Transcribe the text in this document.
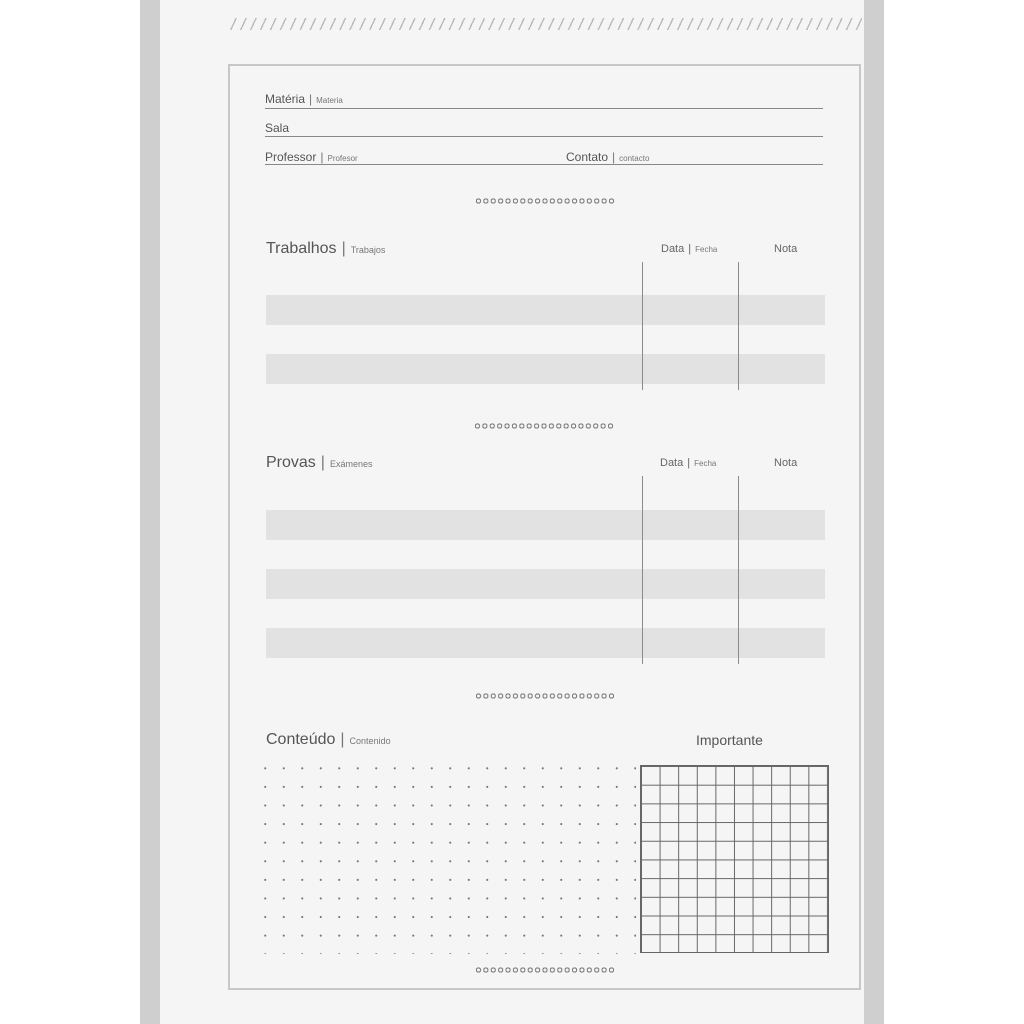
Matéria | Materia
Sala
Professor | Profesor	Contato | contacto
Trabalhos | Trabajos	Data | Fecha	Nota
Provas | Exámenes	Data | Fecha	Nota
Conteúdo | Contenido	Importante
